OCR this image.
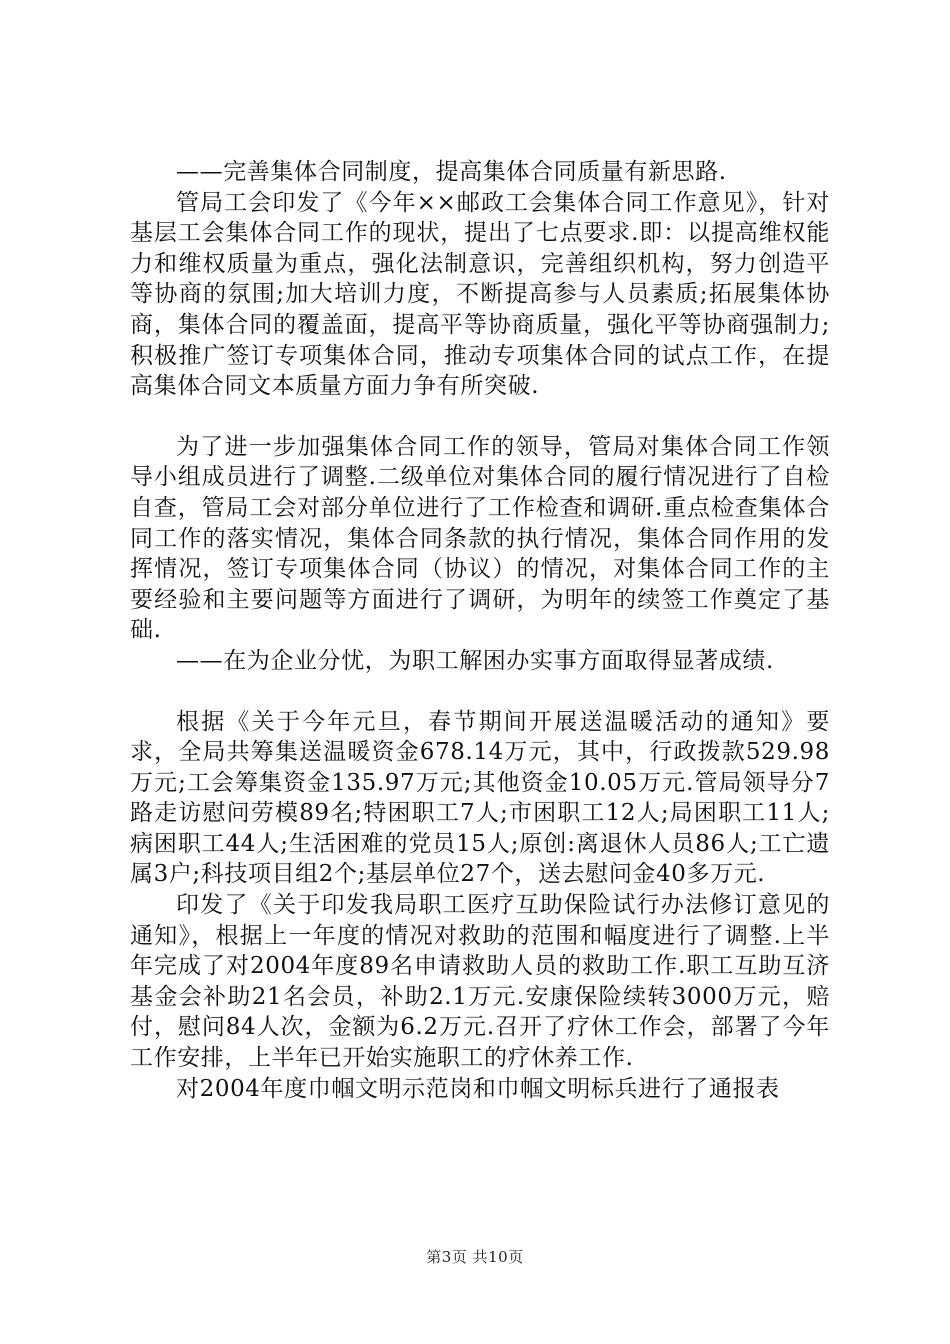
——完善集体合同制度，提高集体合同质量有新思路.

管局工会印发了《今年××邮政工会集体合同工作意见》，针对基层工会集体合同工作的现状，提出了七点要求.即：以提高维权能力和维权质量为重点，强化法制意识，完善组织机构，努力创造平等协商的氛围;加大培训力度，不断提高参与人员素质;拓展集体协商，集体合同的覆盖面，提高平等协商质量，强化平等协商强制力;积极推广签订专项集体合同，推动专项集体合同的试点工作，在提高集体合同文本质量方面力争有所突破.

为了进一步加强集体合同工作的领导，管局对集体合同工作领导小组成员进行了调整.二级单位对集体合同的履行情况进行了自检自查，管局工会对部分单位进行了工作检查和调研.重点检查集体合同工作的落实情况，集体合同条款的执行情况，集体合同作用的发挥情况，签订专项集体合同（协议）的情况，对集体合同工作的主要经验和主要问题等方面进行了调研，为明年的续签工作奠定了基础.

——在为企业分忧，为职工解困办实事方面取得显著成绩.

根据《关于今年元旦，春节期间开展送温暖活动的通知》要求，全局共筹集送温暖资金678.14万元，其中，行政拨款529.98万元;工会筹集资金135.97万元;其他资金10.05万元.管局领导分7路走访慰问劳模89名;特困职工7人;市困职工12人;局困职工11人;病困职工44人;生活困难的党员15人;原创:离退休人员86人;工亡遗属3户;科技项目组2个;基层单位27个，送去慰问金40多万元.

印发了《关于印发我局职工医疗互助保险试行办法修订意见的通知》，根据上一年度的情况对救助的范围和幅度进行了调整.上半年完成了对2004年度89名申请救助人员的救助工作.职工互助互济基金会补助21名会员，补助2.1万元.安康保险续转3000万元，赔付，慰问84人次，金额为6.2万元.召开了疗休工作会，部署了今年工作安排，上半年已开始实施职工的疗休养工作.

对2004年度巾帼文明示范岗和巾帼文明标兵进行了通报表

第3页 共10页
